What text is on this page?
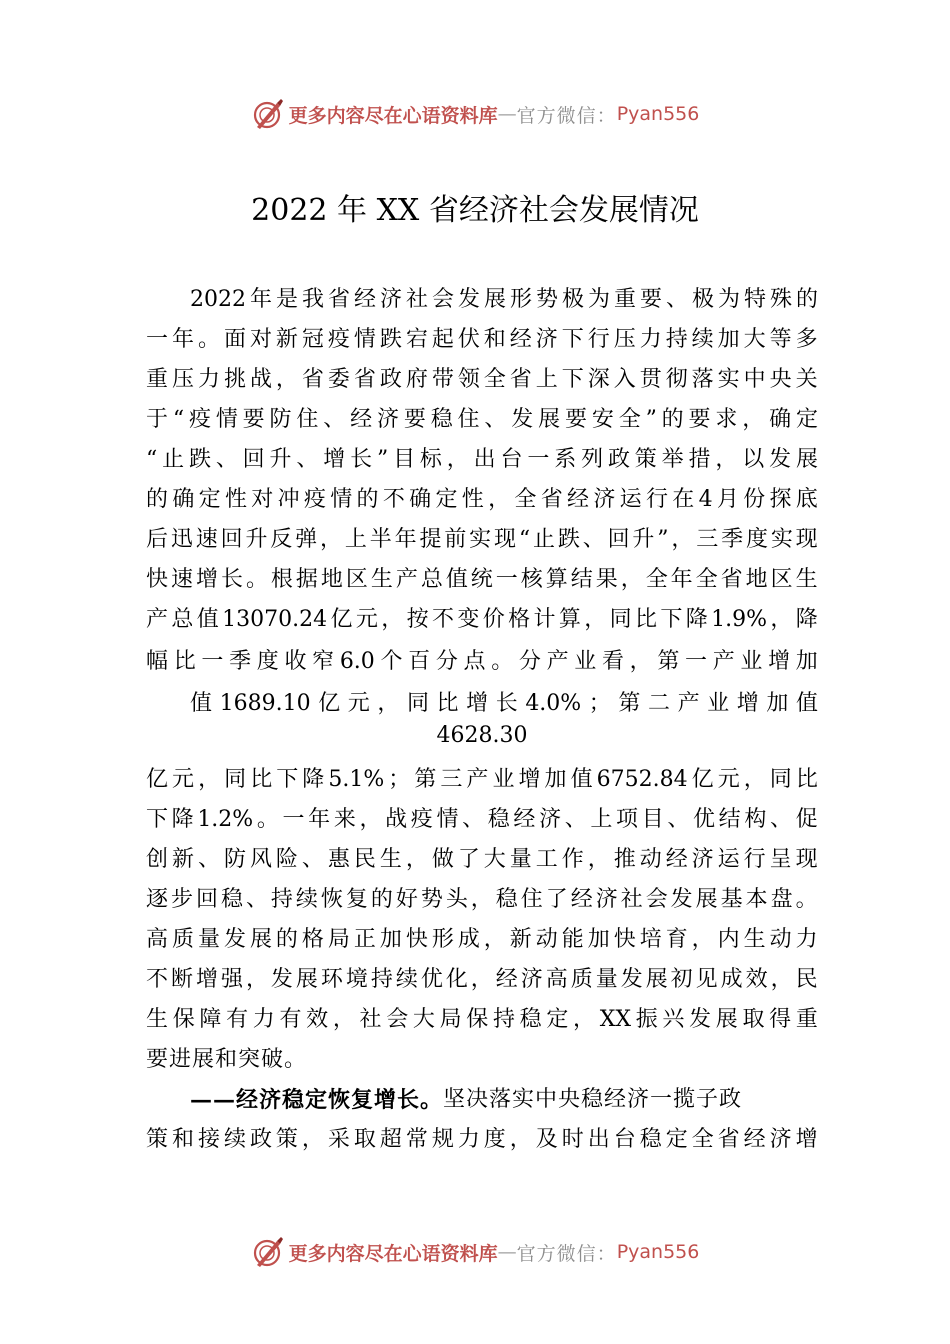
更多内容尽在心语资料库 — 官方微信： Pyan556
2022 年 XX 省经济社会发展情况
2022 年 是 我 省 经 济 社 会 发 展 形 势 极 为 重 要 、 极 为 特 殊 的
一 年 。 面 对 新 冠 疫 情 跌 宕 起 伏 和 经 济 下 行 压 力 持 续 加 大 等 多
重 压 力 挑 战 ， 省 委 省 政 府 带 领 全 省 上 下 深 入 贯 彻 落 实 中 央 关
于 “ 疫 情 要 防 住 、 经 济 要 稳 住 、 发 展 要 安 全 ” 的 要 求 ， 确 定
“ 止 跌 、 回 升 、 增 长 ” 目 标 ， 出 台 一 系 列 政 策 举 措 ， 以 发 展
的 确 定 性 对 冲 疫 情 的 不 确 定 性 ， 全 省 经 济 运 行 在 4 月 份 探 底
后 迅 速 回 升 反 弹 ， 上 半 年 提 前 实 现 “ 止 跌 、 回 升 ” ， 三 季 度 实 现
快 速 增 长 。 根 据 地 区 生 产 总 值 统 一 核 算 结 果 ， 全 年 全 省 地 区 生
产 总 值 13070.24 亿 元 ， 按 不 变 价 格 计 算 ， 同 比 下 降 1.9% ， 降
幅 比 一 季 度 收 窄 6.0 个 百 分 点 。 分 产 业 看 ， 第 一 产 业 增 加
值 1689.10 亿 元 ， 同 比 增 长 4.0% ； 第 二 产 业 增 加 值
4628.30
亿 元 ， 同 比 下 降 5.1% ； 第 三 产 业 增 加 值 6752.84 亿 元 ， 同 比
下 降 1.2% 。 一 年 来 ， 战 疫 情 、 稳 经 济 、 上 项 目 、 优 结 构 、 促
创 新 、 防 风 险 、 惠 民 生 ， 做 了 大 量 工 作 ， 推 动 经 济 运 行 呈 现
逐 步 回 稳 、 持 续 恢 复 的 好 势 头 ， 稳 住 了 经 济 社 会 发 展 基 本 盘 。
高 质 量 发 展 的 格 局 正 加 快 形 成 ， 新 动 能 加 快 培 育 ， 内 生 动 力
不 断 增 强 ， 发 展 环 境 持 续 优 化 ， 经 济 高 质 量 发 展 初 见 成 效 ， 民
生 保 障 有 力 有 效 ， 社 会 大 局 保 持 稳 定 ， XX 振 兴 发 展 取 得 重
要进展和突破。
——经济稳定恢复增长。 坚决落实中央稳经济一揽子政
策 和 接 续 政 策 ， 采 取 超 常 规 力 度 ， 及 时 出 台 稳 定 全 省 经 济 增
更多内容尽在心语资料库 — 官方微信： Pyan556
